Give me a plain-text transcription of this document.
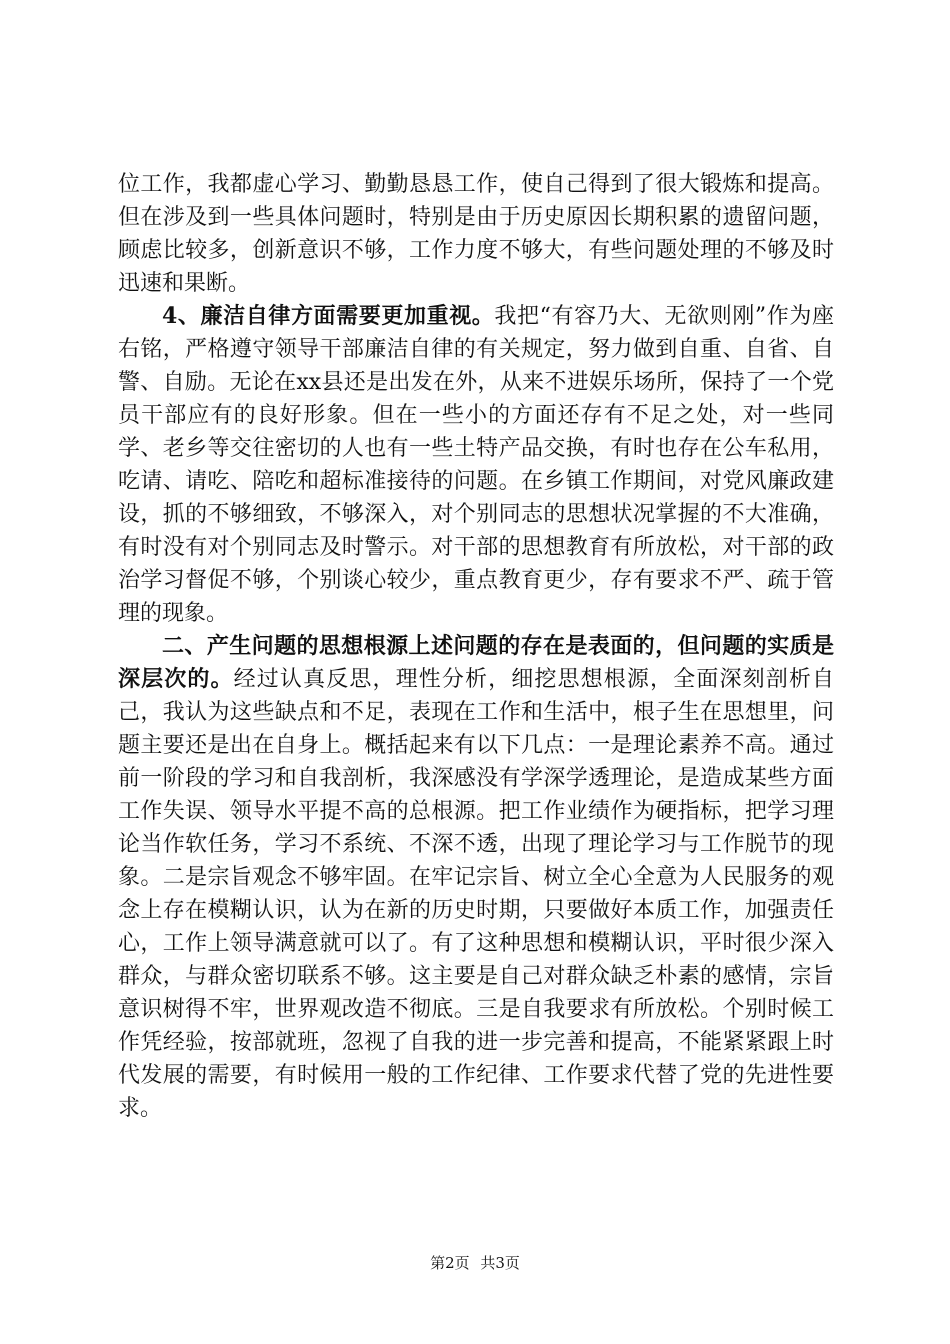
位工作，我都虚心学习、勤勤恳恳工作，使自己得到了很大锻炼和提高。但在涉及到一些具体问题时，特别是由于历史原因长期积累的遗留问题，顾虑比较多，创新意识不够，工作力度不够大，有些问题处理的不够及时迅速和果断。

4、廉洁自律方面需要更加重视。我把“有容乃大、无欲则刚”作为座右铭，严格遵守领导干部廉洁自律的有关规定，努力做到自重、自省、自警、自励。无论在xx县还是出发在外，从来不进娱乐场所，保持了一个党员干部应有的良好形象。但在一些小的方面还存有不足之处，对一些同学、老乡等交往密切的人也有一些土特产品交换，有时也存在公车私用，吃请、请吃、陪吃和超标准接待的问题。在乡镇工作期间，对党风廉政建设，抓的不够细致，不够深入，对个别同志的思想状况掌握的不大准确，有时没有对个别同志及时警示。对干部的思想教育有所放松，对干部的政治学习督促不够，个别谈心较少，重点教育更少，存有要求不严、疏于管理的现象。

二、产生问题的思想根源上述问题的存在是表面的，但问题的实质是深层次的。经过认真反思，理性分析，细挖思想根源，全面深刻剖析自己，我认为这些缺点和不足，表现在工作和生活中，根子生在思想里，问题主要还是出在自身上。概括起来有以下几点：一是理论素养不高。通过前一阶段的学习和自我剖析，我深感没有学深学透理论，是造成某些方面工作失误、领导水平提不高的总根源。把工作业绩作为硬指标，把学习理论当作软任务，学习不系统、不深不透，出现了理论学习与工作脱节的现象。二是宗旨观念不够牢固。在牢记宗旨、树立全心全意为人民服务的观念上存在模糊认识，认为在新的历史时期，只要做好本质工作，加强责任心，工作上领导满意就可以了。有了这种思想和模糊认识，平时很少深入群众，与群众密切联系不够。这主要是自己对群众缺乏朴素的感情，宗旨意识树得不牢，世界观改造不彻底。三是自我要求有所放松。个别时候工作凭经验，按部就班，忽视了自我的进一步完善和提高，不能紧紧跟上时代发展的需要，有时候用一般的工作纪律、工作要求代替了党的先进性要求。

第2页 共3页
